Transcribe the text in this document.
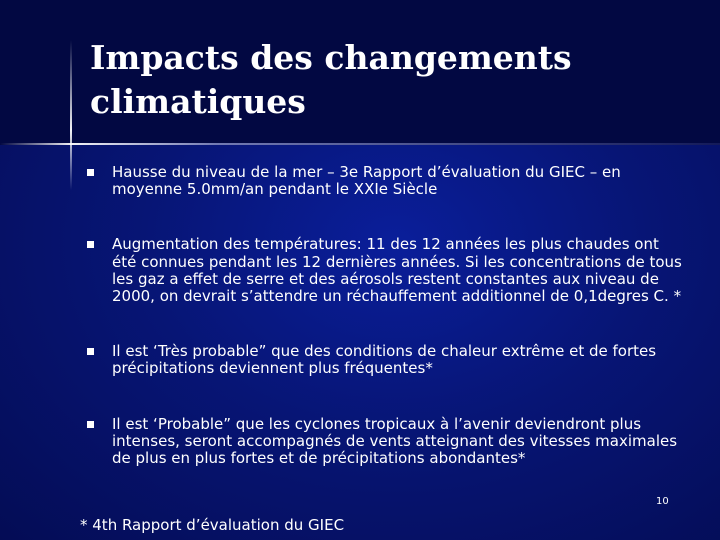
Impacts des changements
climatiques
Hausse du niveau de la mer – 3e Rapport d’évaluation du GIEC – en moyenne 5.0mm/an pendant le XXIe Siècle
Augmentation des températures: 11 des 12 années les plus chaudes ont été connues pendant les 12 dernières années. Si les concentrations de tous les gaz a effet de serre et des aérosols restent constantes aux niveau de 2000, on devrait s’attendre un réchauffement additionnel de 0,1degres C. *
Il est ‘Très probable” que des conditions de chaleur extrême et de fortes précipitations deviennent plus fréquentes*
Il est ‘Probable” que les cyclones tropicaux à l’avenir deviendront plus intenses, seront accompagnés de vents atteignant des vitesses maximales de plus en plus fortes et de précipitations abondantes*
* 4th Rapport d’évaluation du GIEC
10
